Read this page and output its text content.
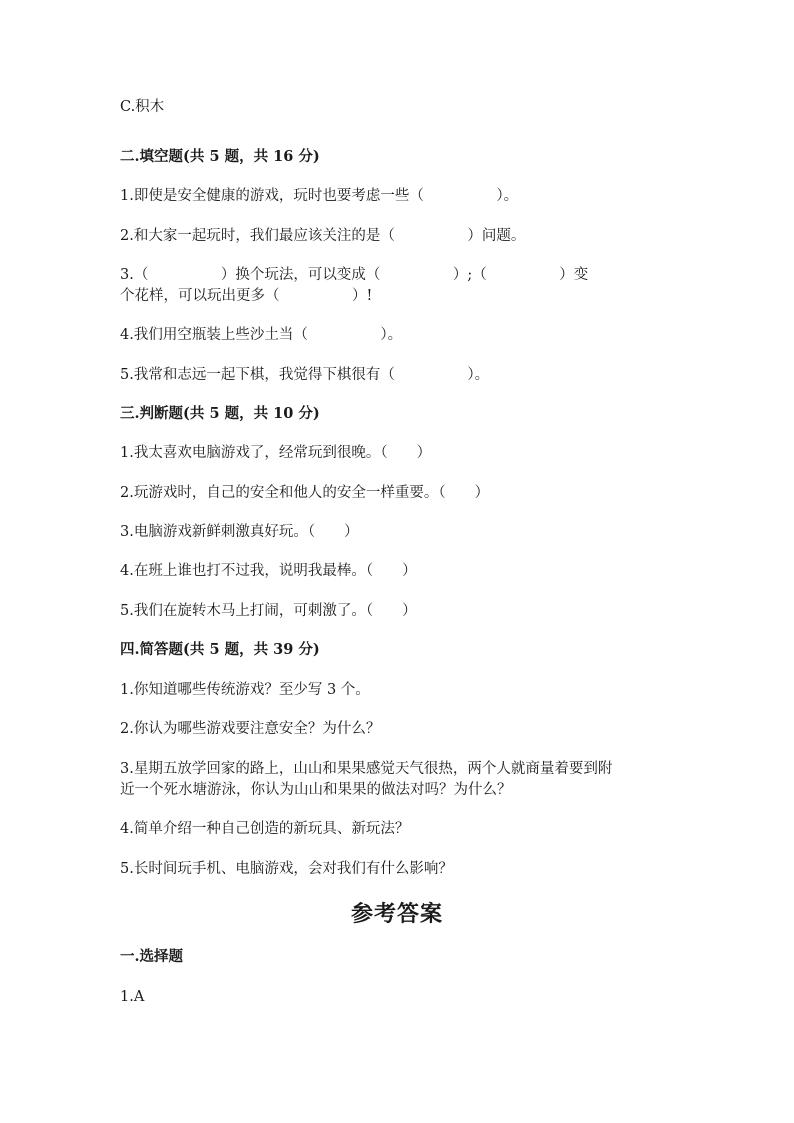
C.积木

二.填空题(共 5 题，共 16 分)

1.即使是安全健康的游戏，玩时也要考虑一些（　　　　　）。

2.和大家一起玩时，我们最应该关注的是（　　　　　）问题。

3.（　　　　　）换个玩法，可以变成（　　　　　）;（　　　　　）变

个花样，可以玩出更多（　　　　　）!

4.我们用空瓶装上些沙土当（　　　　　）。

5.我常和志远一起下棋，我觉得下棋很有（　　　　　）。

三.判断题(共 5 题，共 10 分)

1.我太喜欢电脑游戏了，经常玩到很晚。（　　）

2.玩游戏时，自己的安全和他人的安全一样重要。（　　）

3.电脑游戏新鲜刺激真好玩。（　　）

4.在班上谁也打不过我，说明我最棒。（　　）

5.我们在旋转木马上打闹，可刺激了。（　　）

四.简答题(共 5 题，共 39 分)

1.你知道哪些传统游戏？至少写 3 个。

2.你认为哪些游戏要注意安全？为什么？

3.星期五放学回家的路上，山山和果果感觉天气很热，两个人就商量着要到附

近一个死水塘游泳，你认为山山和果果的做法对吗？为什么？

4.简单介绍一种自己创造的新玩具、新玩法？

5.长时间玩手机、电脑游戏，会对我们有什么影响？

参考答案

一.选择题

1.A
